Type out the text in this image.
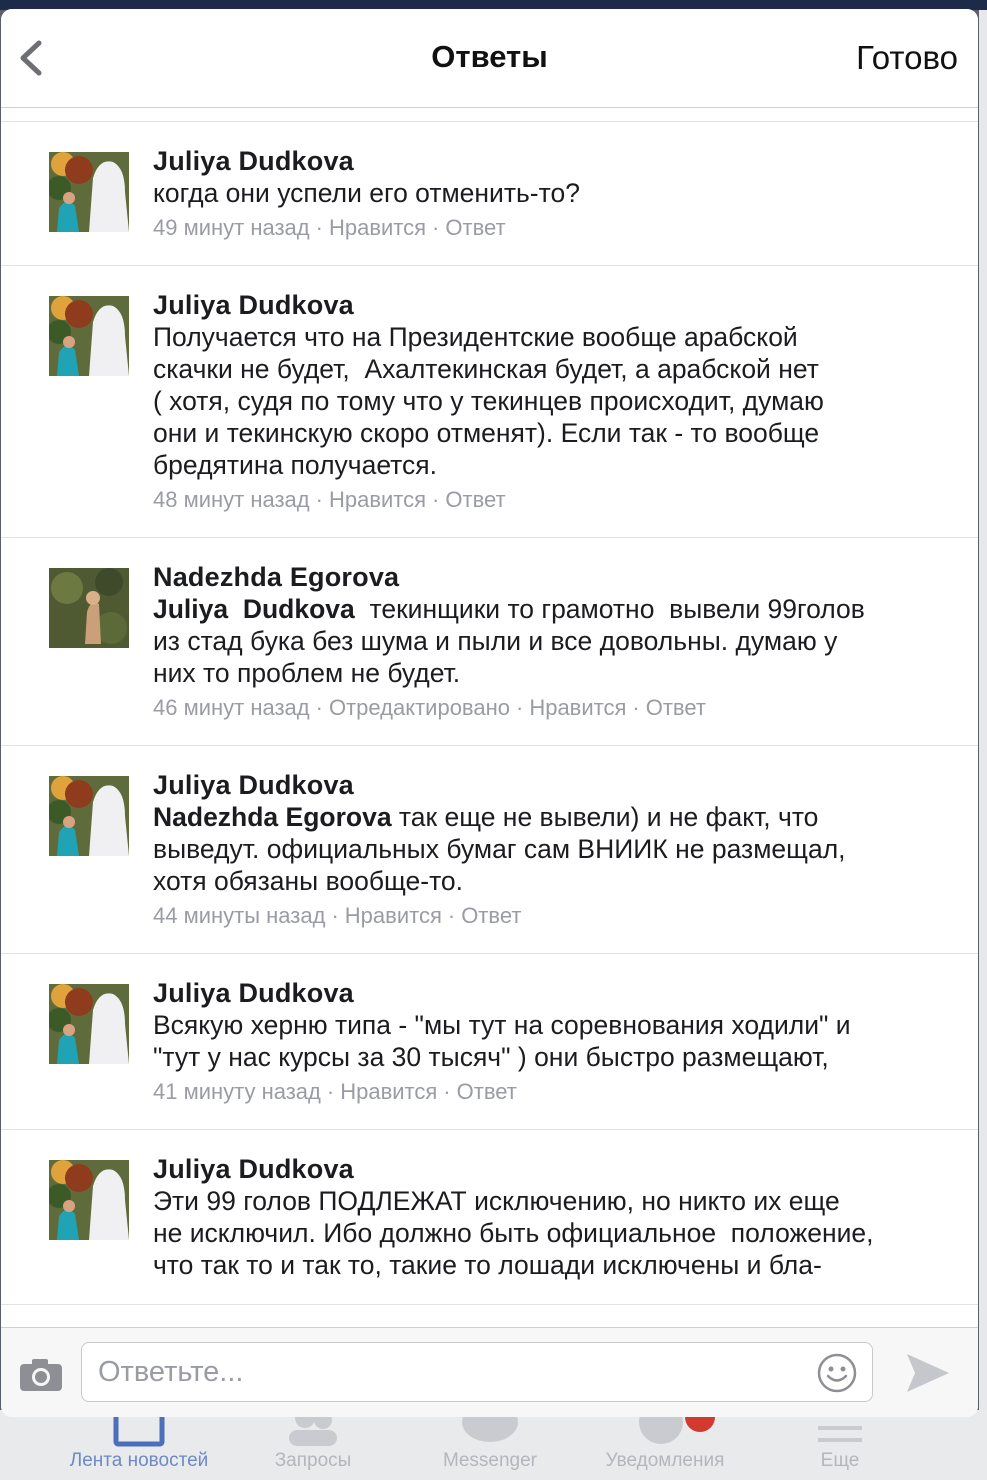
Лента новостей	Запросы	Messenger	Уведомления	Еще
Ответы	Готово
Juliya Dudkova
когда они успели его отменить-то?
49 минут назад · Нравится · Ответ
Juliya Dudkova
Получается что на Президентские вообще арабской
скачки не будет,  Ахалтекинская будет, а арабской нет
( хотя, судя по тому что у текинцев происходит, думаю
они и текинскую скоро отменят). Если так - то вообще
бредятина получается.
48 минут назад · Нравится · Ответ
Nadezhda Egorova
Juliya  Dudkova  текинщики то грамотно  вывели 99голов
из стад бука без шума и пыли и все довольны. думаю у
них то проблем не будет.
46 минут назад · Отредактировано · Нравится · Ответ
Juliya Dudkova
Nadezhda Egorova так еще не вывели) и не факт, что
выведут. официальных бумаг сам ВНИИК не размещал,
хотя обязаны вообще-то.
44 минуты назад · Нравится · Ответ
Juliya Dudkova
Всякую херню типа - "мы тут на соревнования ходили" и
"тут у нас курсы за 30 тысяч" ) они быстро размещают,
41 минуту назад · Нравится · Ответ
Juliya Dudkova
Эти 99 голов ПОДЛЕЖАТ исключению, но никто их еще
не исключил. Ибо должно быть официальное  положение,
что так то и так то, такие то лошади исключены и бла-
Ответьте...
